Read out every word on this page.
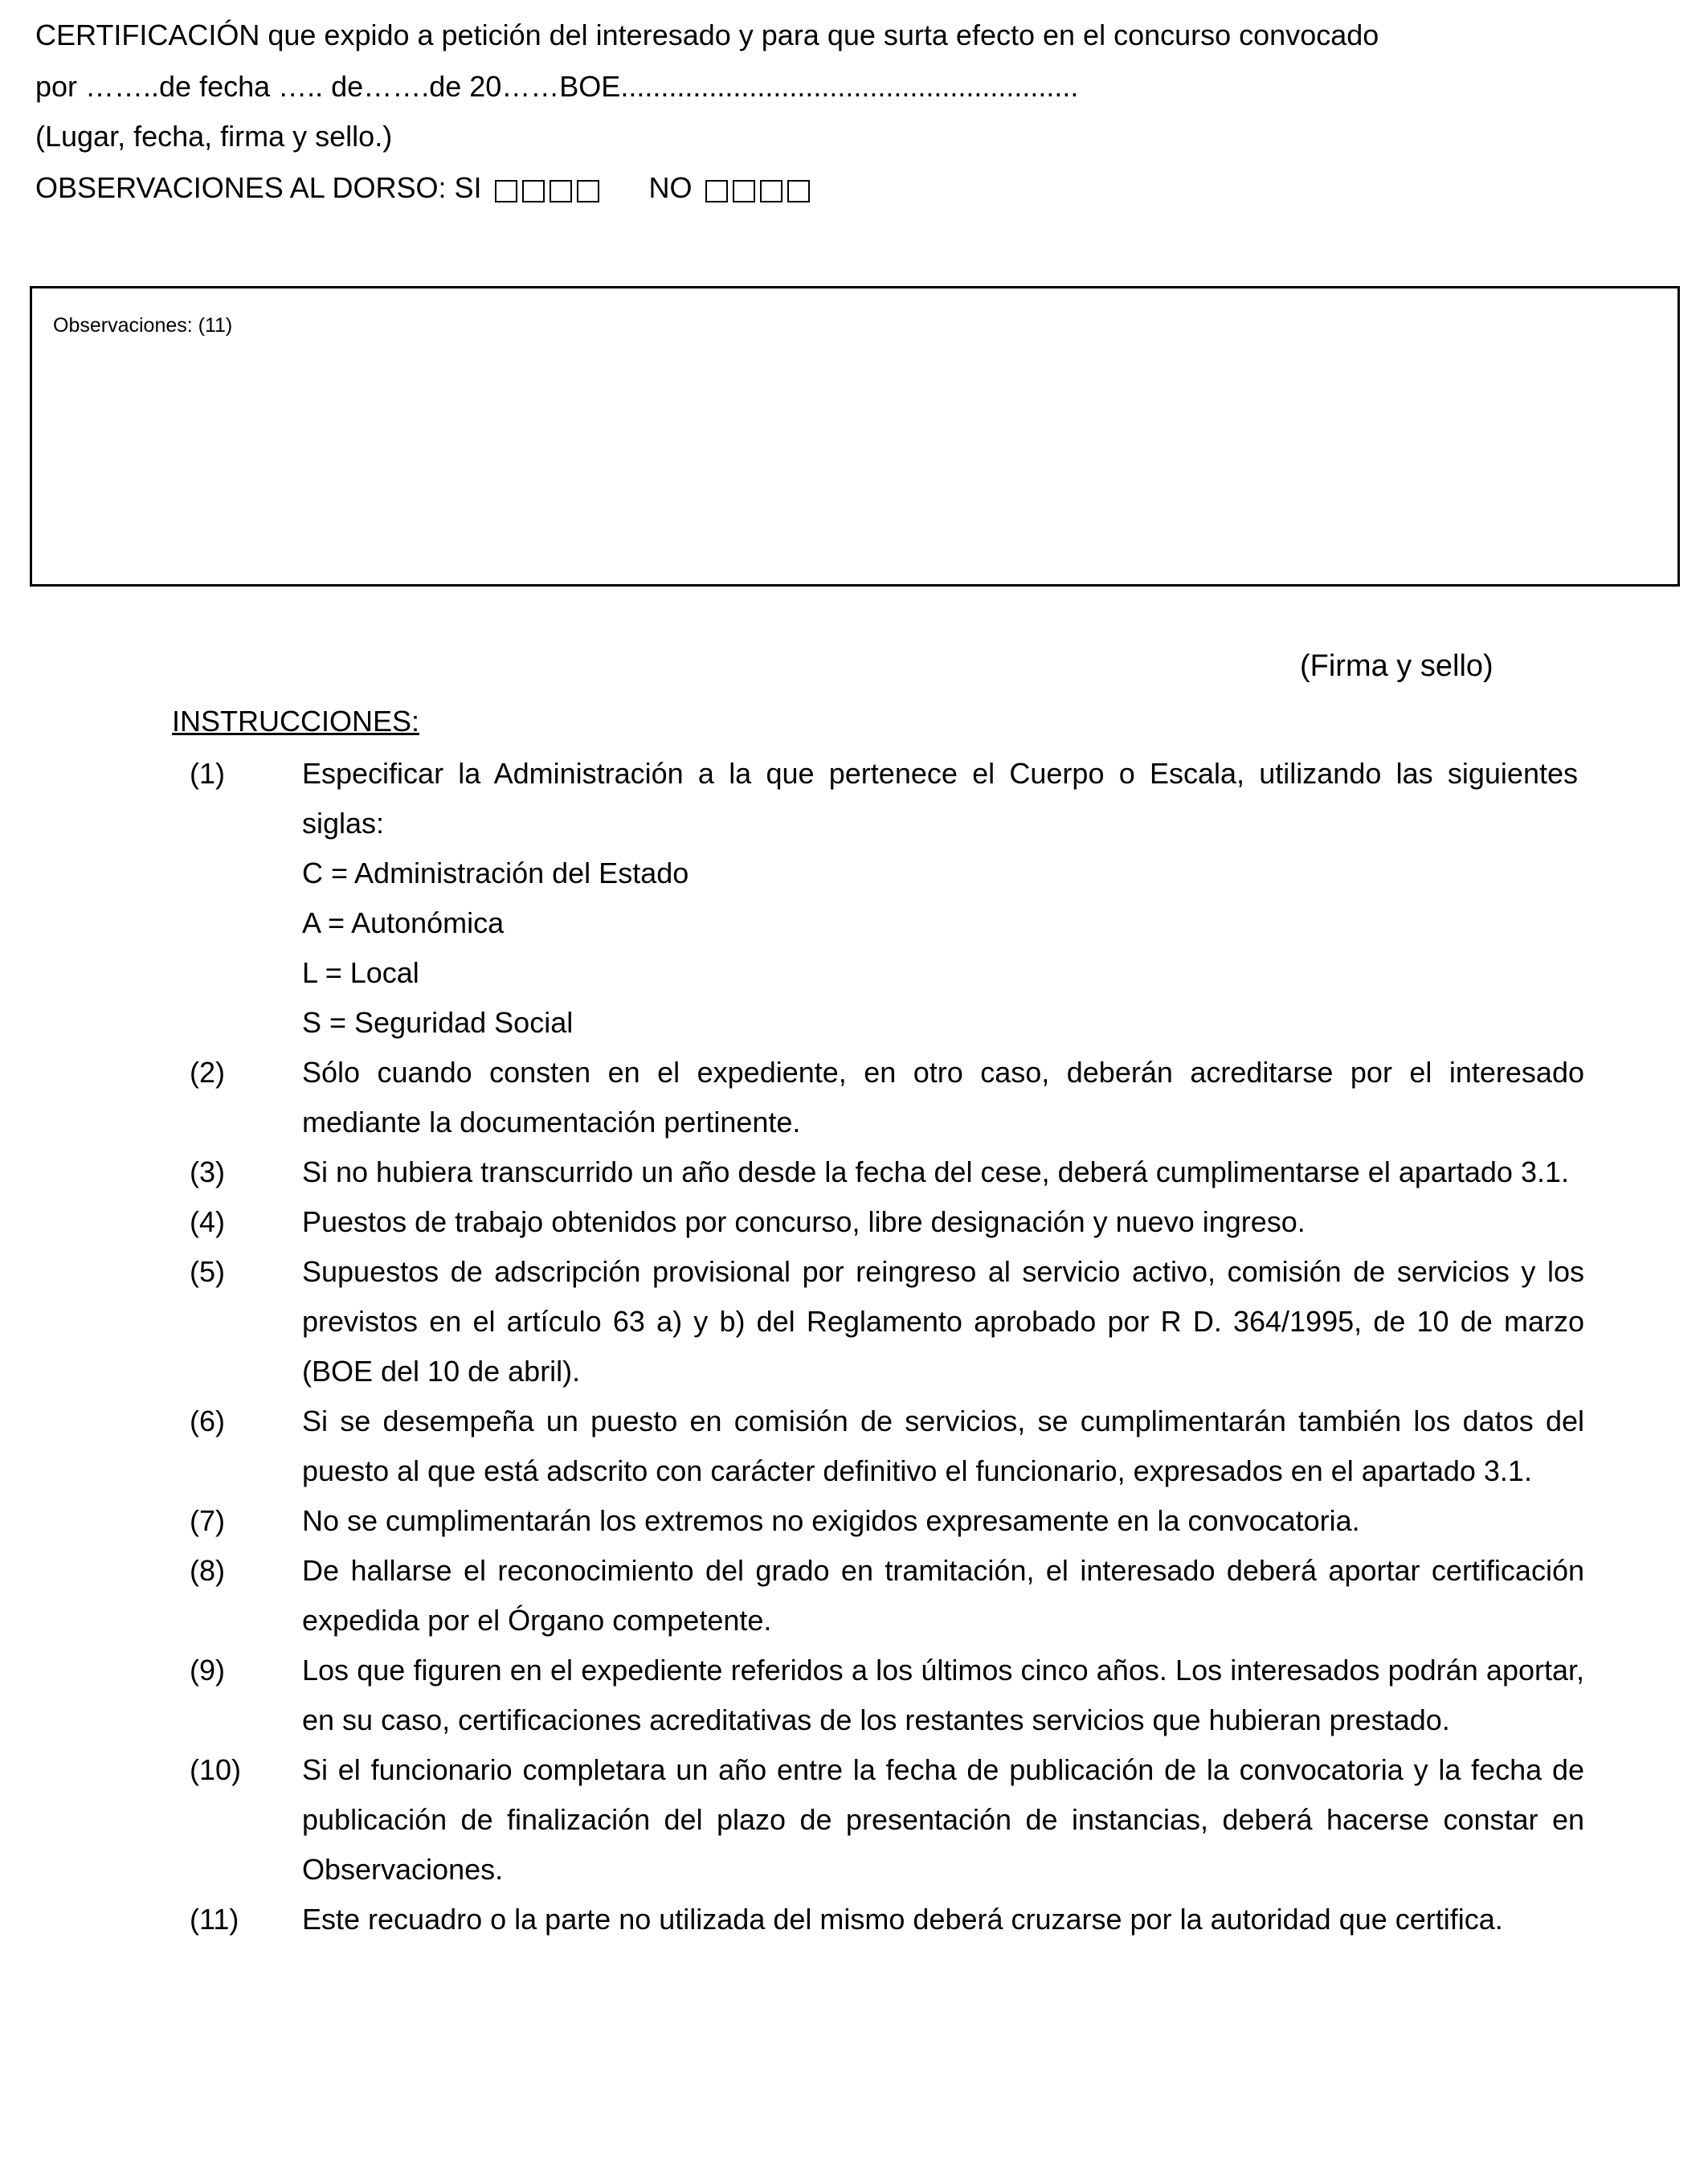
CERTIFICACIÓN que expido a petición del interesado y para que surta efecto en el concurso convocado
por ……..de fecha ….. de…….de 20……BOE.........................................................
(Lugar, fecha, firma y sello.)
OBSERVACIONES AL DORSO: SI	NO
Observaciones: (11)
(Firma y sello)
INSTRUCCIONES:
(1)	Especificar la Administración a la que pertenece el Cuerpo o Escala, utilizando las siguientes siglas:
C = Administración del Estado
A = Autonómica
L = Local
S = Seguridad Social
(2)	Sólo cuando consten en el expediente, en otro caso, deberán acreditarse por el interesado mediante la documentación pertinente.
(3)	Si no hubiera transcurrido un año desde la fecha del cese, deberá cumplimentarse el apartado 3.1.
(4)	Puestos de trabajo obtenidos por concurso, libre designación y nuevo ingreso.
(5)	Supuestos de adscripción provisional por reingreso al servicio activo, comisión de servicios y los previstos en el artículo 63 a) y b) del Reglamento aprobado por R D. 364/1995, de 10 de marzo (BOE del 10 de abril).
(6)	Si se desempeña un puesto en comisión de servicios, se cumplimentarán también los datos del puesto al que está adscrito con carácter definitivo el funcionario, expresados en el apartado 3.1.
(7)	No se cumplimentarán los extremos no exigidos expresamente en la convocatoria.
(8)	De hallarse el reconocimiento del grado en tramitación, el interesado deberá aportar certificación expedida por el Órgano competente.
(9)	Los que figuren en el expediente referidos a los últimos cinco años. Los interesados podrán aportar, en su caso, certificaciones acreditativas de los restantes servicios que hubieran prestado.
(10) Si el funcionario completara un año entre la fecha de publicación de la convocatoria y la fecha de publicación de finalización del plazo de presentación de instancias, deberá hacerse constar en Observaciones.
(11) Este recuadro o la parte no utilizada del mismo deberá cruzarse por la autoridad que certifica.
